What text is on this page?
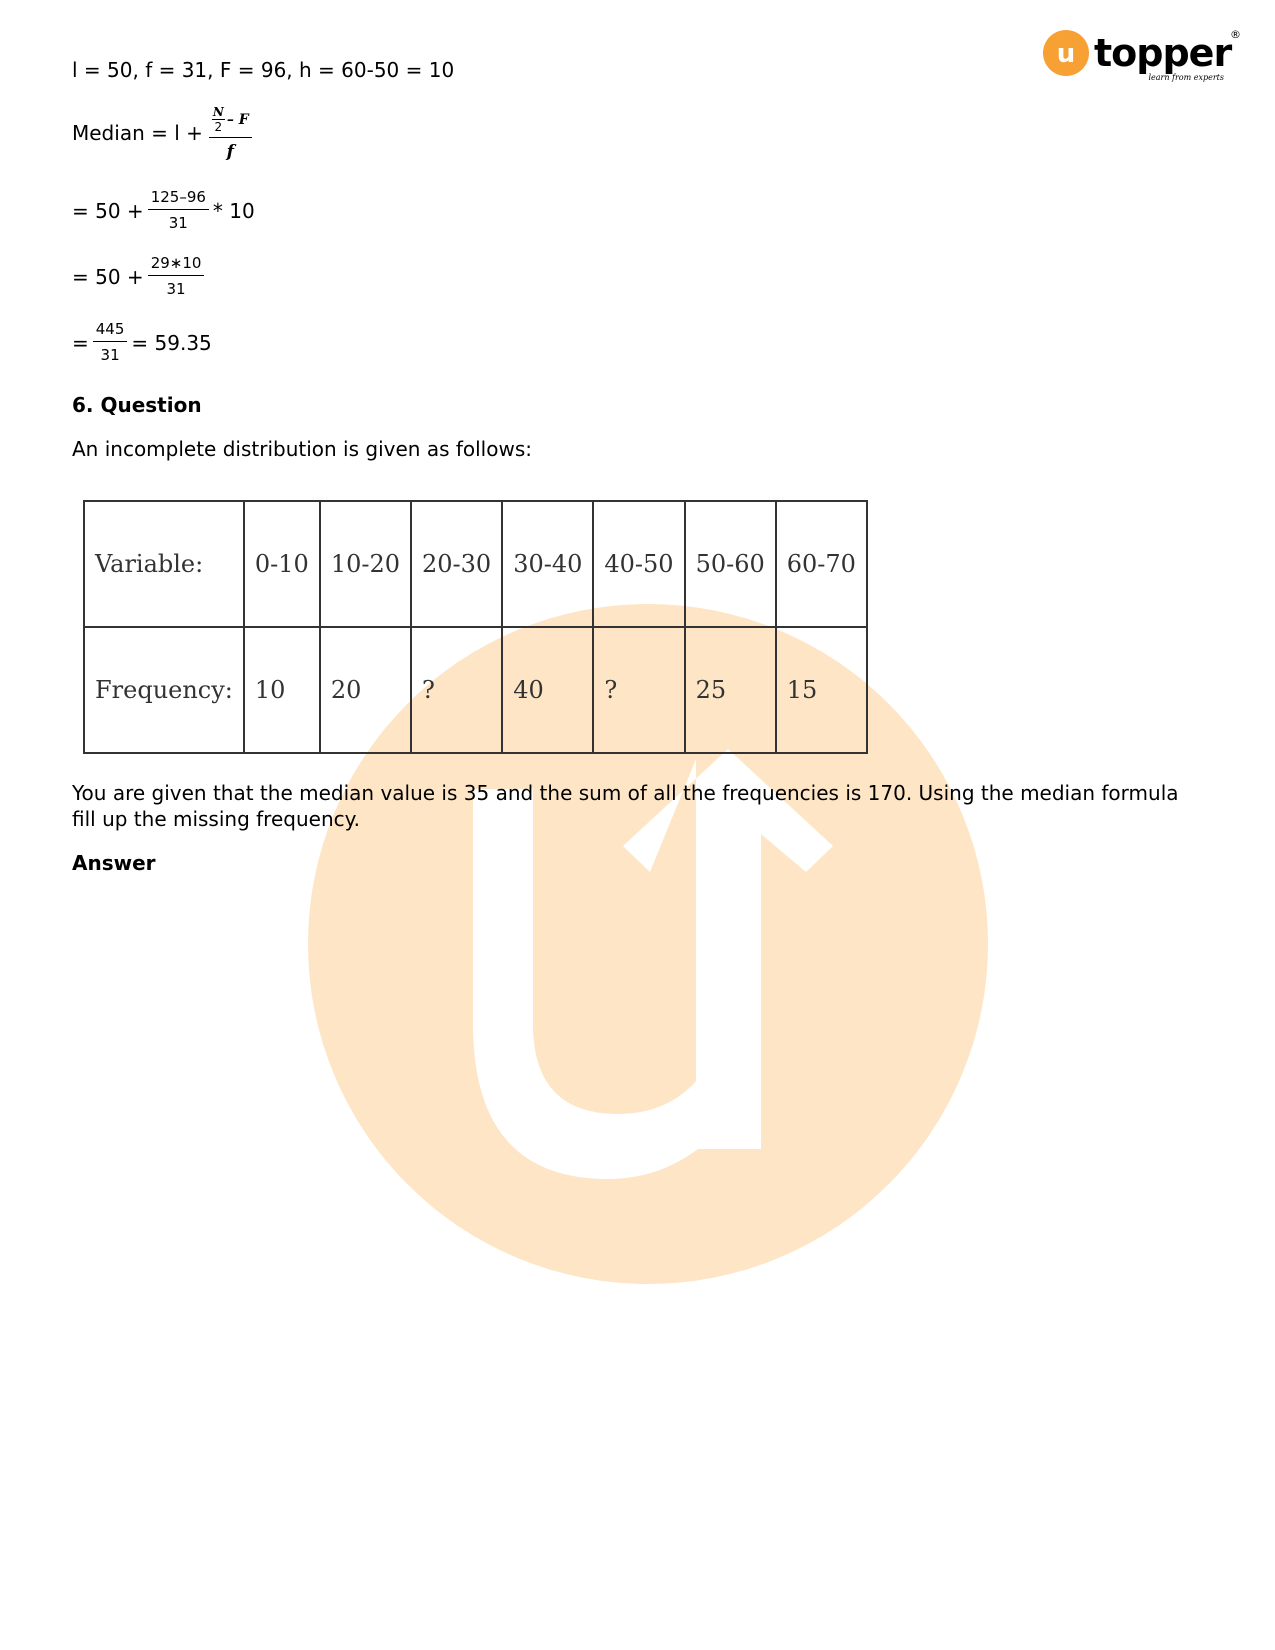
u topper
®
learn from experts
l = 50, f = 31, F = 96, h = 60-50 = 10
Median = l + N
2 – F
f
= $50 + \frac{125-96}{31} * 10$
= $50 + \frac{29∗10}{31}$
= $\frac{445}{31} = 59.35$
6. Question
An incomplete distribution is given as follows:
You are given that the median value is 35 and the sum of all the frequencies is 170. Using the median formula fill up the missing frequency.
Answer
Variable:	0-10	10-20	20-30	30-40	40-50	50-60	60-70
Frequency:	10	20	?	40	?	25	15
